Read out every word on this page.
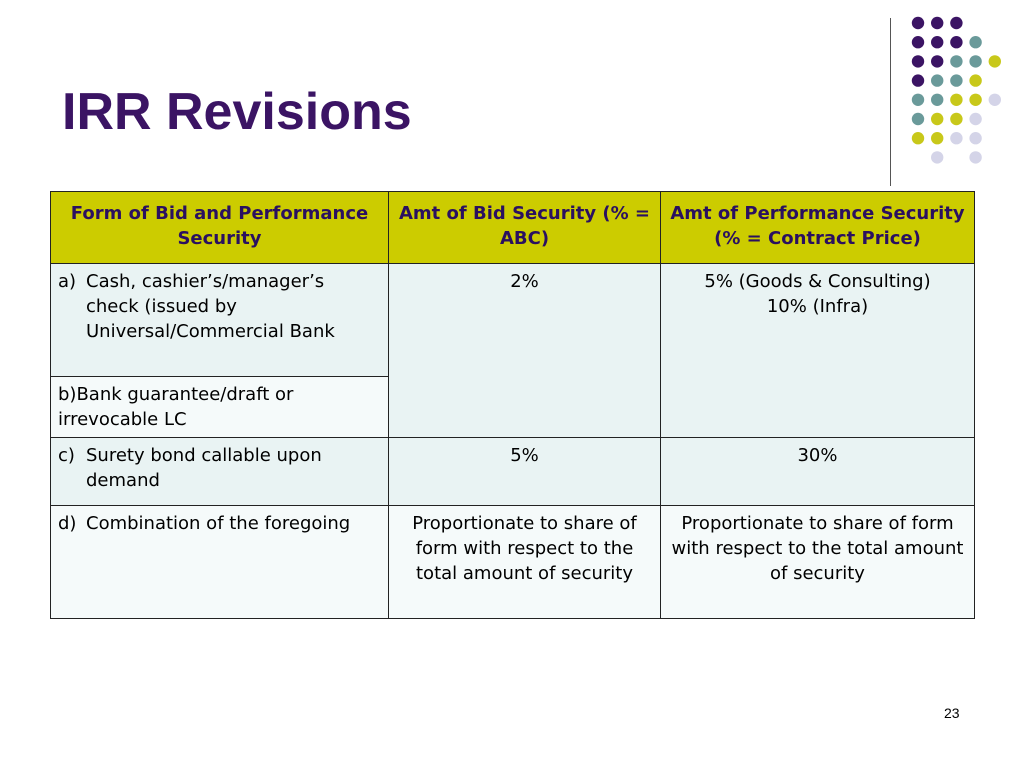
IRR Revisions
Form of Bid and Performance Security	Amt of Bid Security (% = ABC)	Amt of Performance Security
(% = Contract Price)

a) Cash, cashier’s/manager’s check (issued by Universal/Commercial Bank	2%	5% (Goods & Consulting)
10% (Infra)

b)Bank guarantee/draft or irrevocable LC		

c) Surety bond callable upon demand	5%	30%

d) Combination of the foregoing	Proportionate to share of form with respect to the total amount of security	Proportionate to share of form with respect to the total amount of security
23
